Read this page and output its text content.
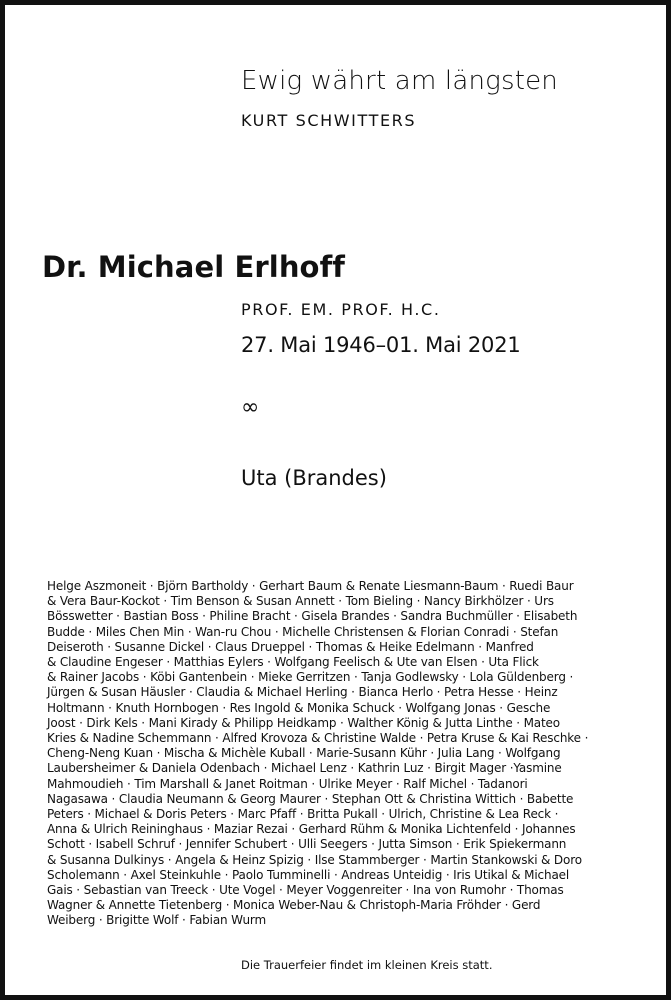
Ewig währt am längsten
KURT SCHWITTERS
Dr. Michael Erlhoff
PROF. EM. PROF. H.C.
27. Mai 1946–01. Mai 2021
∞
Uta (Brandes)
Helge Aszmoneit · Björn Bartholdy · Gerhart Baum & Renate Liesmann-Baum · Ruedi Baur
& Vera Baur-Kockot · Tim Benson & Susan Annett · Tom Bieling · Nancy Birkhölzer · Urs
Bösswetter · Bastian Boss · Philine Bracht · Gisela Brandes · Sandra Buchmüller · Elisabeth
Budde · Miles Chen Min · Wan-ru Chou · Michelle Christensen & Florian Conradi · Stefan
Deiseroth · Susanne Dickel · Claus Drueppel · Thomas & Heike Edelmann · Manfred
& Claudine Engeser · Matthias Eylers · Wolfgang Feelisch & Ute van Elsen · Uta Flick
& Rainer Jacobs · Köbi Gantenbein · Mieke Gerritzen · Tanja Godlewsky · Lola Güldenberg ·
Jürgen & Susan Häusler · Claudia & Michael Herling · Bianca Herlo · Petra Hesse · Heinz
Holtmann · Knuth Hornbogen · Res Ingold & Monika Schuck · Wolfgang Jonas · Gesche
Joost · Dirk Kels · Mani Kirady & Philipp Heidkamp · Walther König & Jutta Linthe · Mateo
Kries & Nadine Schemmann · Alfred Krovoza & Christine Walde · Petra Kruse & Kai Reschke ·
Cheng-Neng Kuan · Mischa & Michèle Kuball · Marie-Susann Kühr · Julia Lang · Wolfgang
Laubersheimer & Daniela Odenbach · Michael Lenz · Kathrin Luz · Birgit Mager ·Yasmine
Mahmoudieh · Tim Marshall & Janet Roitman · Ulrike Meyer · Ralf Michel · Tadanori
Nagasawa · Claudia Neumann & Georg Maurer · Stephan Ott & Christina Wittich · Babette
Peters · Michael & Doris Peters · Marc Pfaff · Britta Pukall · Ulrich, Christine & Lea Reck ·
Anna & Ulrich Reininghaus · Maziar Rezai · Gerhard Rühm & Monika Lichtenfeld · Johannes
Schott · Isabell Schruf · Jennifer Schubert · Ulli Seegers · Jutta Simson · Erik Spiekermann
& Susanna Dulkinys · Angela & Heinz Spizig · Ilse Stammberger · Martin Stankowski & Doro
Scholemann · Axel Steinkuhle · Paolo Tumminelli · Andreas Unteidig · Iris Utikal & Michael
Gais · Sebastian van Treeck · Ute Vogel · Meyer Voggenreiter · Ina von Rumohr · Thomas
Wagner & Annette Tietenberg · Monica Weber-Nau & Christoph-Maria Fröhder · Gerd
Weiberg · Brigitte Wolf · Fabian Wurm
Die Trauerfeier findet im kleinen Kreis statt.
